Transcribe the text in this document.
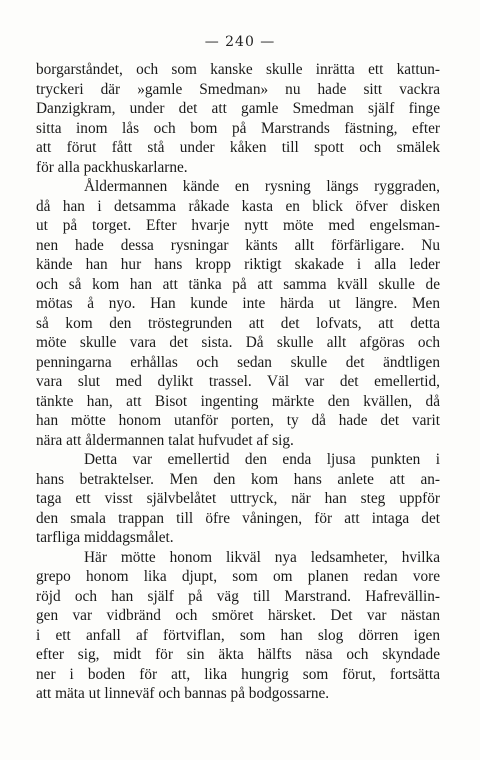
— 240 —
borgarståndet, och som kanske skulle inrätta ett kattun-
tryckeri där »gamle Smedman» nu hade sitt vackra
Danzigkram, under det att gamle Smedman själf finge
sitta inom lås och bom på Marstrands fästning, efter
att förut fått stå under kåken till spott och smälek
för alla packhuskarlarne.
Åldermannen kände en rysning längs ryggraden,
då han i detsamma råkade kasta en blick öfver disken
ut på torget. Efter hvarje nytt möte med engelsman-
nen hade dessa rysningar känts allt förfärligare. Nu
kände han hur hans kropp riktigt skakade i alla leder
och så kom han att tänka på att samma kväll skulle de
mötas å nyo. Han kunde inte härda ut längre. Men
så kom den tröstegrunden att det lofvats, att detta
möte skulle vara det sista. Då skulle allt afgöras och
penningarna erhållas och sedan skulle det ändtligen
vara slut med dylikt trassel. Väl var det emellertid,
tänkte han, att Bisot ingenting märkte den kvällen, då
han mötte honom utanför porten, ty då hade det varit
nära att åldermannen talat hufvudet af sig.
Detta var emellertid den enda ljusa punkten i
hans betraktelser. Men den kom hans anlete att an-
taga ett visst självbelåtet uttryck, när han steg uppför
den smala trappan till öfre våningen, för att intaga det
tarfliga middagsmålet.
Här mötte honom likväl nya ledsamheter, hvilka
grepo honom lika djupt, som om planen redan vore
röjd och han själf på väg till Marstrand. Hafrevällin-
gen var vidbränd och smöret härsket. Det var nästan
i ett anfall af förtviflan, som han slog dörren igen
efter sig, midt för sin äkta hälfts näsa och skyndade
ner i boden för att, lika hungrig som förut, fortsätta
att mäta ut linneväf och bannas på bodgossarne.
